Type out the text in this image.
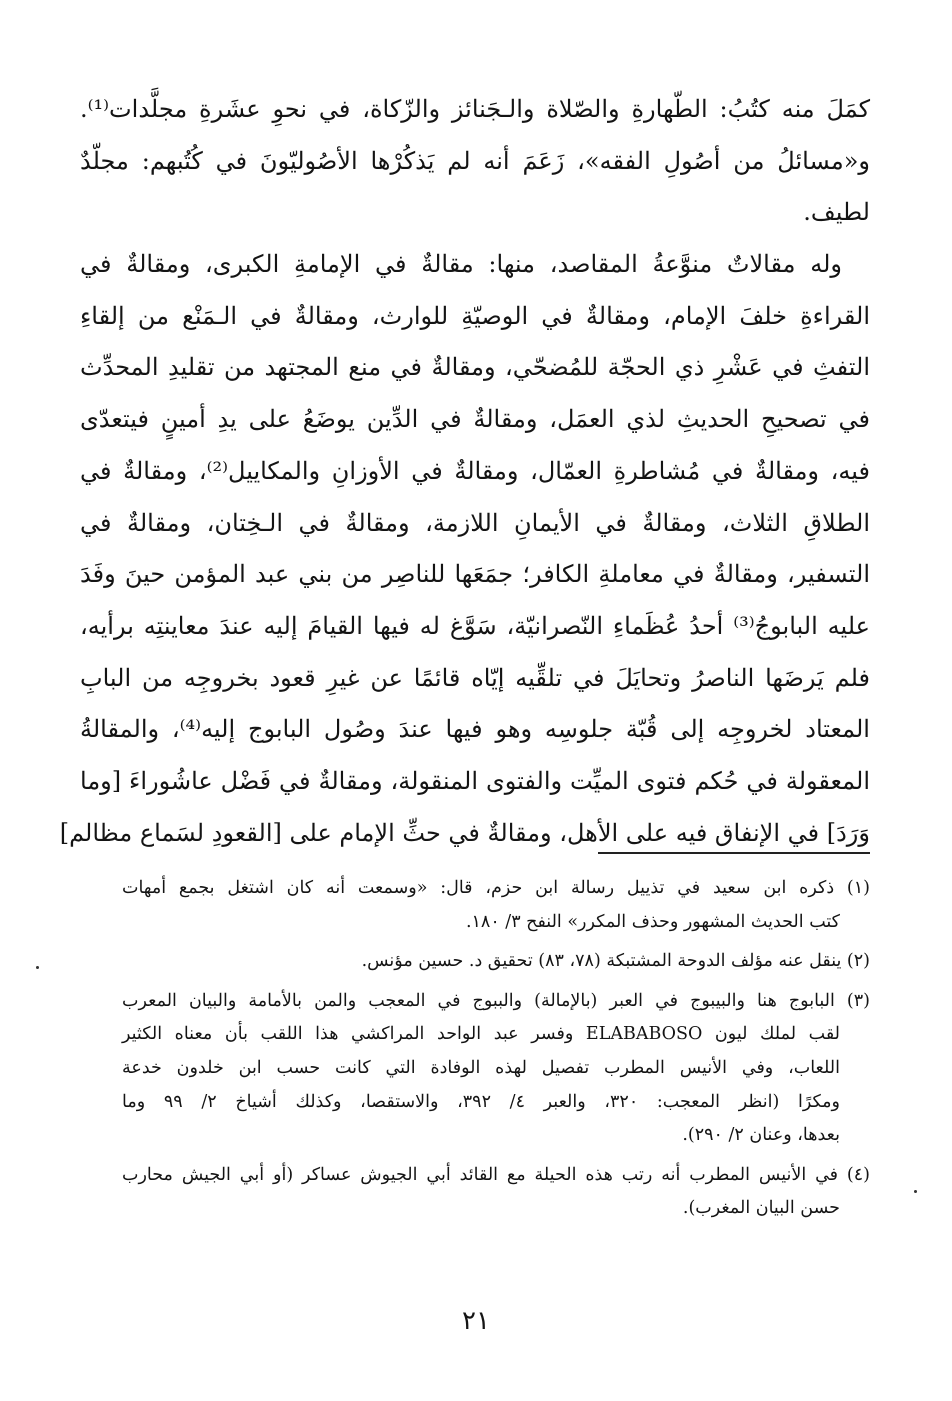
كمَلَ منه كتُبُ: الطّهارةِ والصّلاة والـجَنائز والزّكاة، في نحوِ عشَرةِ مجلَّدات⁽¹⁾.
و«مسائلُ من أصُولِ الفقه»، زَعَمَ أنه لم يَذكُرْها الأصُوليّونَ في كُتُبهم: مجلّدٌ
لطيف.
وله مقالاتٌ منوَّعةُ المقاصد، منها: مقالةٌ في الإمامةِ الكبرى، ومقالةٌ في
القراءةِ خلفَ الإمام، ومقالةٌ في الوصيّةِ للوارث، ومقالةٌ في الـمَنْع من إلقاءِ
التفثِ في عَشْرِ ذي الحجّة للمُضحّي، ومقالةٌ في منع المجتهد من تقليدِ المحدِّث
في تصحيحِ الحديثِ لذي العمَل، ومقالةٌ في الدِّين يوضَعُ على يدِ أمينٍ فيتعدّى
فيه، ومقالةٌ في مُشاطرةِ العمّال، ومقالةٌ في الأوزانِ والمكاييل⁽²⁾، ومقالةٌ في
الطلاقِ الثلاث، ومقالةٌ في الأيمانِ اللازمة، ومقالةٌ في الـخِتان، ومقالةٌ في
التسفير، ومقالةٌ في معاملةِ الكافر؛ جمَعَها للناصِر من بني عبد المؤمن حينَ وفَدَ
عليه البابوجُ⁽³⁾ أحدُ عُظَماءِ النّصرانيّة، سَوَّغ له فيها القيامَ إليه عندَ معاينتِه برأيه،
فلم يَرضَها الناصرُ وتحايَلَ في تلقِّيه إيّاه قائمًا عن غيرِ قعود بخروجِه من البابِ
المعتاد لخروجِه إلى قُبّة جلوسِه وهو فيها عندَ وصُول البابوج إليه⁽⁴⁾، والمقالةُ
المعقولة في حُكم فتوى الميِّت والفتوى المنقولة، ومقالةٌ في فَضْل عاشُوراءَ [وما
وَرَدَ] في الإنفاق فيه على الأهل، ومقالةٌ في حثِّ الإمام على [القعودِ لسَماع مظالم]
(١) ذكره ابن سعيد في تذييل رسالة ابن حزم، قال: «وسمعت أنه كان اشتغل بجمع أمهات
كتب الحديث المشهور وحذف المكرر» النفح ٣/ ١٨٠.
(٢) ينقل عنه مؤلف الدوحة المشتبكة (٧٨، ٨٣) تحقيق د. حسين مؤنس.
(٣) البابوج هنا والبيبوج في العبر (بالإمالة) والببوج في المعجب والمن بالأمامة والبيان المعرب
لقب لملك ليون ELABABOSO وفسر عبد الواحد المراكشي هذا اللقب بأن معناه الكثير
اللعاب، وفي الأنيس المطرب تفصيل لهذه الوفادة التي كانت حسب ابن خلدون خدعة
ومكرًا (انظر المعجب: ٣٢٠، والعبر ٤/ ٣٩٢، والاستقصا، وكذلك أشياخ ٢/ ٩٩ وما
بعدها، وعنان ٢/ ٢٩٠).
(٤) في الأنيس المطرب أنه رتب هذه الحيلة مع القائد أبي الجيوش عساكر (أو أبي الجيش محارب
حسن البيان المغرب).
٢١
